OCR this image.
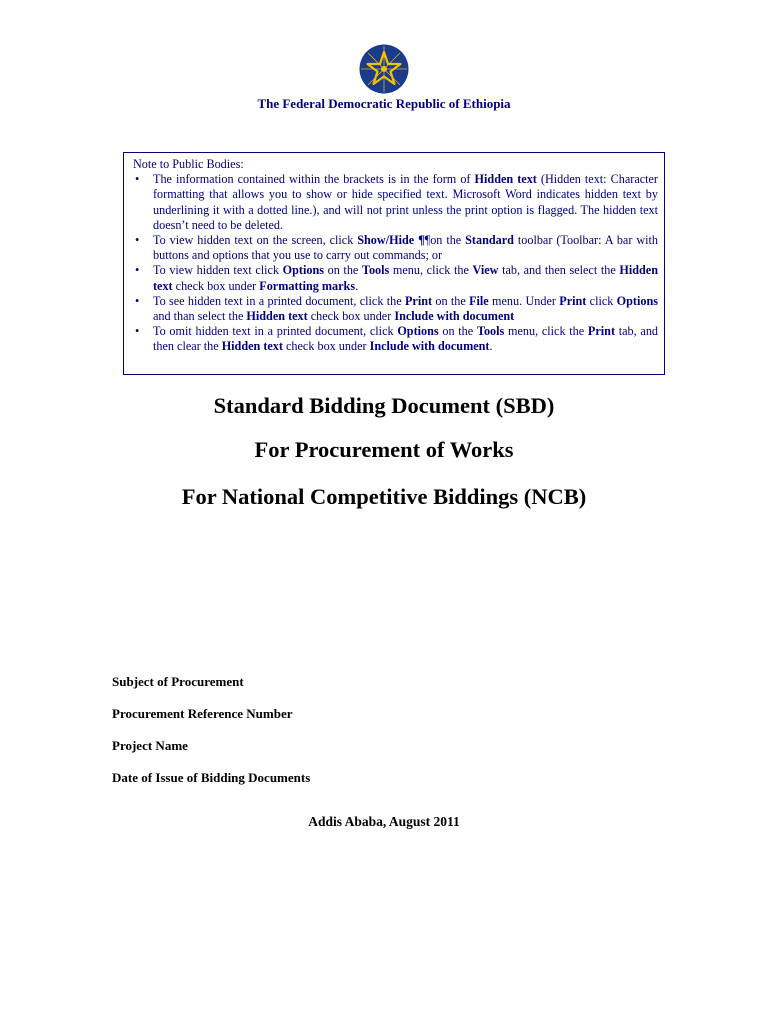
The Federal Democratic Republic of Ethiopia
Note to Public Bodies:
• The information contained within the brackets is in the form of Hidden text (Hidden text: Character formatting that allows you to show or hide specified text. Microsoft Word indicates hidden text by underlining it with a dotted line.), and will not print unless the print option is flagged. The hidden text doesn’t need to be deleted.
• To view hidden text on the screen, click Show/Hide ¶¶on the Standard toolbar (Toolbar: A bar with buttons and options that you use to carry out commands; or
• To view hidden text click Options on the Tools menu, click the View tab, and then select the Hidden text check box under Formatting marks.
• To see hidden text in a printed document, click the Print on the File menu. Under Print click Options and than select the Hidden text check box under Include with document
• To omit hidden text in a printed document, click Options on the Tools menu, click the Print tab, and then clear the Hidden text check box under Include with document.
Standard Bidding Document (SBD)
For Procurement of Works
For National Competitive Biddings (NCB)
Subject of Procurement
Procurement Reference Number
Project Name
Date of Issue of Bidding Documents
Addis Ababa, August 2011
